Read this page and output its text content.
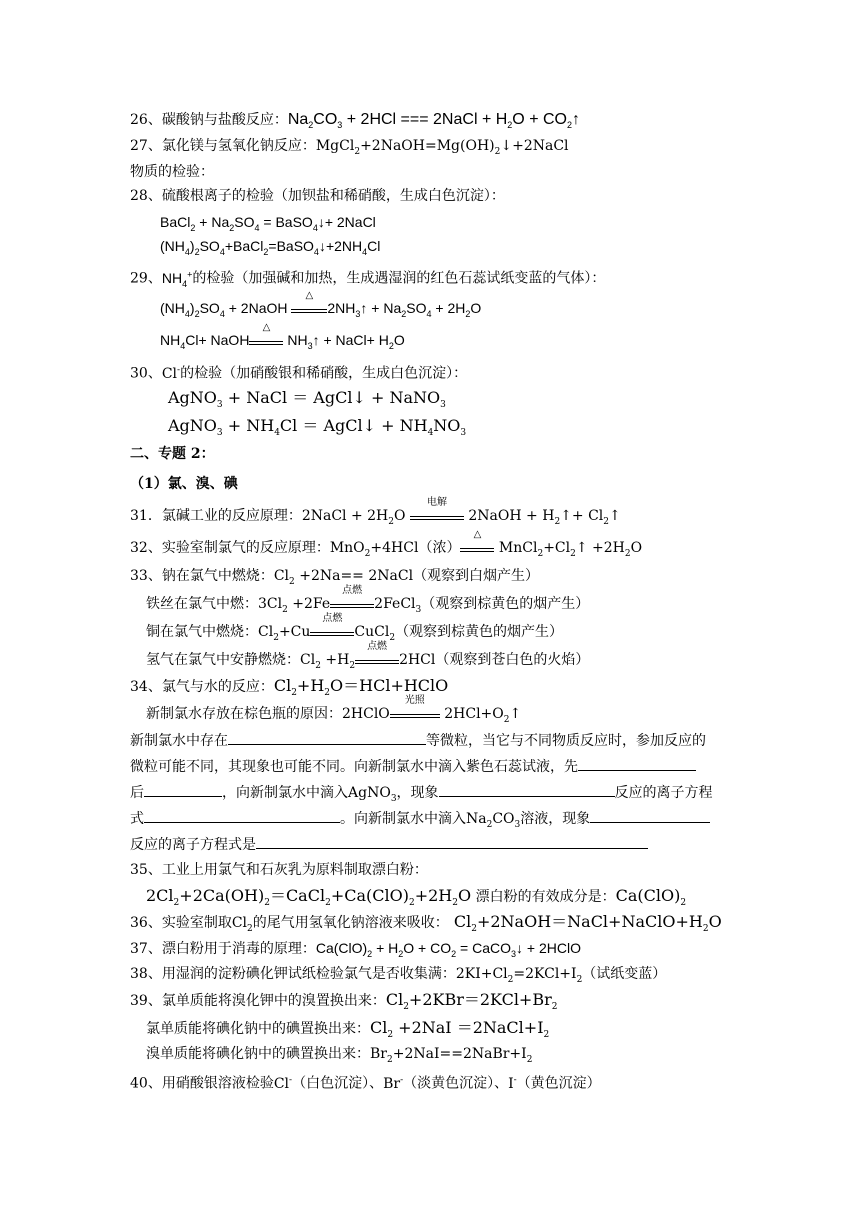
26、碳酸钠与盐酸反应：$Na_2CO_3 + 2HCl$ === 2NaCl + $H_2O$ + $CO_2↑$
27、氯化镁与氢氧化钠反应：$MgCl_2+2NaOH=Mg(OH)_2↓+2NaCl$
物质的检验：
28、硫酸根离子的检验（加钡盐和稀硝酸，生成白色沉淀）：
BaCl$_2$ + $Na_2SO_4$ = BaSO$_4$↓+ 2NaCl
$(NH_4)_2SO_4+BaCl_2=BaSO_4↓+2NH_4Cl$
29、$NH_4^+$的检验（加强碱和加热，生成遇湿润的红色石蕊试纸变蓝的气体）：
$(NH_4)_2SO_4$ + 2NaOH
△
$2NH_3↑ + Na_2SO_4 + 2H_2O$
$NH_4Cl+$ NaOH
△
$NH_3↑$ + NaCl+ $H_2O$
30、Cl-的检验（加硝酸银和稀硝酸，生成白色沉淀）：
AgNO$_3$ + NaCl ＝ AgCl↓ + NaNO$_3$
AgNO$_3$ + $NH_4Cl$ ＝ AgCl↓ + $NH_4NO_3$
二、专题 2：
（1）氯、溴、碘
31．氯碱工业的反应原理：2NaCl + $2H_2O$
电解
2NaOH + $H_2↑+$ $Cl_2↑$
32、实验室制氯气的反应原理：MnO$_2$+4HCl（浓）
△
$MnCl_2+Cl_2↑ +2H_2O$
33、钠在氯气中燃烧：$Cl_2 +2Na==$ 2NaCl（观察到白烟产生）
铁丝在氯气中燃：$3Cl_2 +2Fe$
点燃
2FeCl$_3$（观察到棕黄色的烟产生）
铜在氯气中燃烧：$Cl_2+Cu$
点燃
CuCl$_2$（观察到棕黄色的烟产生）
氢气在氯气中安静燃烧：$Cl_2 +H_2$
点燃
2HCl（观察到苍白色的火焰）
34、氯气与水的反应：$Cl_2+H_2O=HCl+HClO$
新制氯水存放在棕色瓶的原因：2HClO
光照
$2HCl+O_2↑$
新制氯水中存在	等微粒，当它与不同物质反应时，参加反应的
微粒可能不同，其现象也可能不同。向新制氯水中滴入紫色石蕊试液，先
后	，向新制氯水中滴入AgNO$_3$，现象	反应的离子方程
式	。向新制氯水中滴入$Na_2CO_3$溶液，现象
反应的离子方程式是
35、工业上用氯气和石灰乳为原料制取漂白粉：
$2Cl_2+2Ca(OH)_2=CaCl_2+Ca(ClO)_2+2H_2O$ 漂白粉的有效成分是：$Ca(ClO)_2$
36、实验室制取$Cl_2$的尾气用氢氧化钠溶液来吸收： $Cl_2+2NaOH=NaCl+NaClO+H_2O$
37、漂白粉用于消毒的原理：$Ca(ClO)_2 + H_2O + CO_2$ = CaCO$_3$↓ + 2HClO
38、用湿润的淀粉碘化钾试纸检验氯气是否收集满：$2KI+Cl_2=2KCl+I_2$（试纸变蓝）
39、氯单质能将溴化钾中的溴置换出来：$Cl_2+2KBr=2KCl+Br_2$
氯单质能将碘化钠中的碘置换出来：$Cl_2 +2NaI$ $=2NaCl+I_2$
溴单质能将碘化钠中的碘置换出来：$Br_2+2NaI==2NaBr+I_2$
40、用硝酸银溶液检验Cl-（白色沉淀）、Br-（淡黄色沉淀）、I-（黄色沉淀）
